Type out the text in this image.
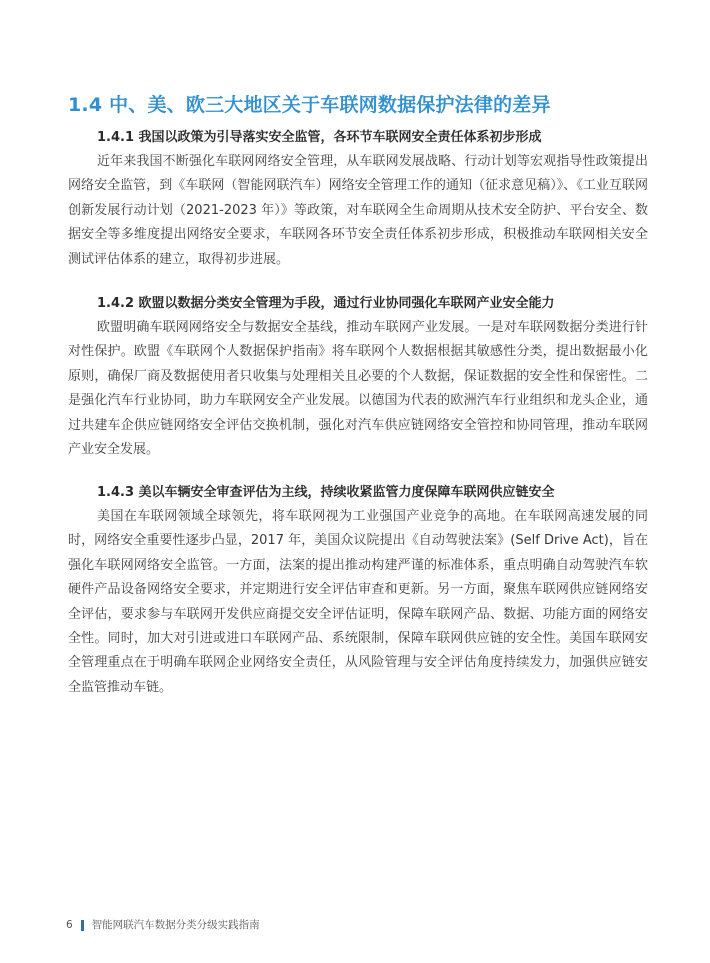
1.4 中、美、欧三大地区关于车联网数据保护法律的差异
1.4.1 我国以政策为引导落实安全监管，各环节车联网安全责任体系初步形成

近年来我国不断强化车联网网络安全管理，从车联网发展战略、行动计划等宏观指导性政策提出网络安全监管，到《车联网（智能网联汽车）网络安全管理工作的通知（征求意见稿）》、《工业互联网创新发展行动计划（2021-2023 年）》等政策，对车联网全生命周期从技术安全防护、平台安全、数据安全等多维度提出网络安全要求，车联网各环节安全责任体系初步形成，积极推动车联网相关安全测试评估体系的建立，取得初步进展。

1.4.2 欧盟以数据分类安全管理为手段，通过行业协同强化车联网产业安全能力

欧盟明确车联网网络安全与数据安全基线，推动车联网产业发展。一是对车联网数据分类进行针对性保护。欧盟《车联网个人数据保护指南》将车联网个人数据根据其敏感性分类，提出数据最小化原则，确保厂商及数据使用者只收集与处理相关且必要的个人数据，保证数据的安全性和保密性。二是强化汽车行业协同，助力车联网安全产业发展。以德国为代表的欧洲汽车行业组织和龙头企业，通过共建车企供应链网络安全评估交换机制，强化对汽车供应链网络安全管控和协同管理，推动车联网产业安全发展。

1.4.3 美以车辆安全审查评估为主线，持续收紧监管力度保障车联网供应链安全

美国在车联网领域全球领先，将车联网视为工业强国产业竞争的高地。在车联网高速发展的同时，网络安全重要性逐步凸显，2017 年，美国众议院提出《自动驾驶法案》(Self Drive Act)，旨在强化车联网网络安全监管。一方面，法案的提出推动构建严谨的标准体系，重点明确自动驾驶汽车软硬件产品设备网络安全要求，并定期进行安全评估审查和更新。另一方面，聚焦车联网供应链网络安全评估，要求参与车联网开发供应商提交安全评估证明，保障车联网产品、数据、功能方面的网络安全性。同时，加大对引进或进口车联网产品、系统限制，保障车联网供应链的安全性。美国车联网安全管理重点在于明确车联网企业网络安全责任，从风险管理与安全评估角度持续发力，加强供应链安全监管推动车链。

6 智能网联汽车数据分类分级实践指南
